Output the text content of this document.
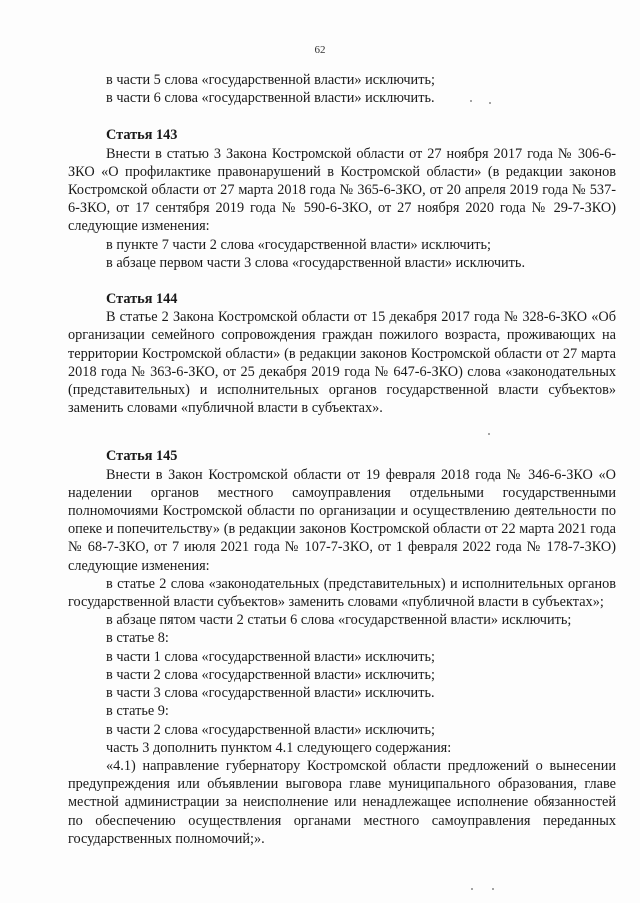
62

в части 5 слова «государственной власти» исключить;

в части 6 слова «государственной власти» исключить.

Статья 143

Внести в статью 3 Закона Костромской области от 27 ноября 2017 года № 306-6-ЗКО «О профилактике правонарушений в Костромской области» (в редакции законов Костромской области от 27 марта 2018 года № 365-6-ЗКО, от 20 апреля 2019 года № 537-6-ЗКО, от 17 сентября 2019 года № 590-6-ЗКО, от 27 ноября 2020 года № 29-7-ЗКО) следующие изменения:

в пункте 7 части 2 слова «государственной власти» исключить;

в абзаце первом части 3 слова «государственной власти» исключить.

Статья 144

В статье 2 Закона Костромской области от 15 декабря 2017 года № 328-6-ЗКО «Об организации семейного сопровождения граждан пожилого возраста, проживающих на территории Костромской области» (в редакции законов Костромской области от 27 марта 2018 года № 363-6-ЗКО, от 25 декабря 2019 года № 647-6-ЗКО) слова «законодательных (представительных) и исполнительных органов государственной власти субъектов» заменить словами «публичной власти в субъектах».

Статья 145

Внести в Закон Костромской области от 19 февраля 2018 года № 346-6-ЗКО «О наделении органов местного самоуправления отдельными государственными полномочиями Костромской области по организации и осуществлению деятельности по опеке и попечительству» (в редакции законов Костромской области от 22 марта 2021 года № 68-7-ЗКО, от 7 июля 2021 года № 107-7-ЗКО, от 1 февраля 2022 года № 178-7-ЗКО) следующие изменения:

в статье 2 слова «законодательных (представительных) и исполнительных органов государственной власти субъектов» заменить словами «публичной власти в субъектах»;

в абзаце пятом части 2 статьи 6 слова «государственной власти» исключить;

в статье 8:

в части 1 слова «государственной власти» исключить;

в части 2 слова «государственной власти» исключить;

в части 3 слова «государственной власти» исключить.

в статье 9:

в части 2 слова «государственной власти» исключить;

часть 3 дополнить пунктом 4.1 следующего содержания:

«4.1) направление губернатору Костромской области предложений о вынесении предупреждения или объявлении выговора главе муниципального образования, главе местной администрации за неисполнение или ненадлежащее исполнение обязанностей по обеспечению осуществления органами местного самоуправления переданных государственных полномочий;».
